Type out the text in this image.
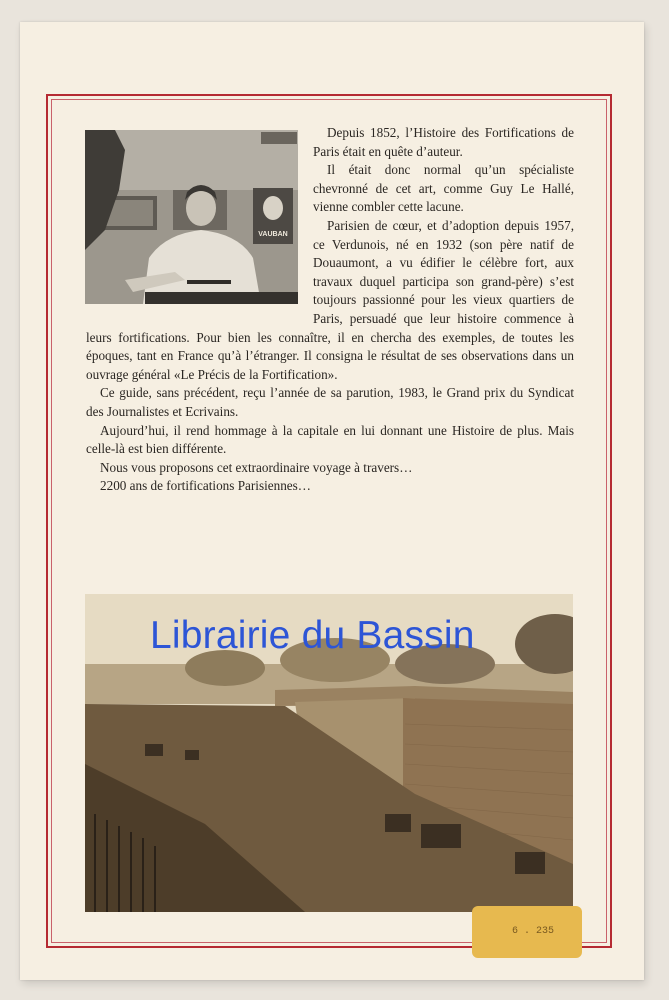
VAUBAN

Depuis 1852, l’Histoire des Fortifications de Paris était en quête d’auteur.

Il était donc normal qu’un spécialiste chevronné de cet art, comme Guy Le Hallé, vienne combler cette lacune.

Parisien de cœur, et d’adoption depuis 1957, ce Verdunois, né en 1932 (son père natif de Douaumont, a vu édifier le célèbre fort, aux travaux duquel participa son grand-père) s’est toujours passionné pour les vieux quartiers de Paris, persuadé que leur histoire commence à leurs fortifications. Pour bien les connaître, il en chercha des exemples, de toutes les époques, tant en France qu’à l’étranger. Il consigna le résultat de ses observations dans un ouvrage général «Le Précis de la Fortification».

Ce guide, sans précédent, reçu l’année de sa parution, 1983, le Grand prix du Syndicat des Journalistes et Ecrivains.

Aujourd’hui, il rend hommage à la capitale en lui donnant une Histoire de plus. Mais celle-là est bien différente.

Nous vous proposons cet extraordinaire voyage à travers…

2200 ans de fortifications Parisiennes…

6 . 235
Librairie du Bassin
